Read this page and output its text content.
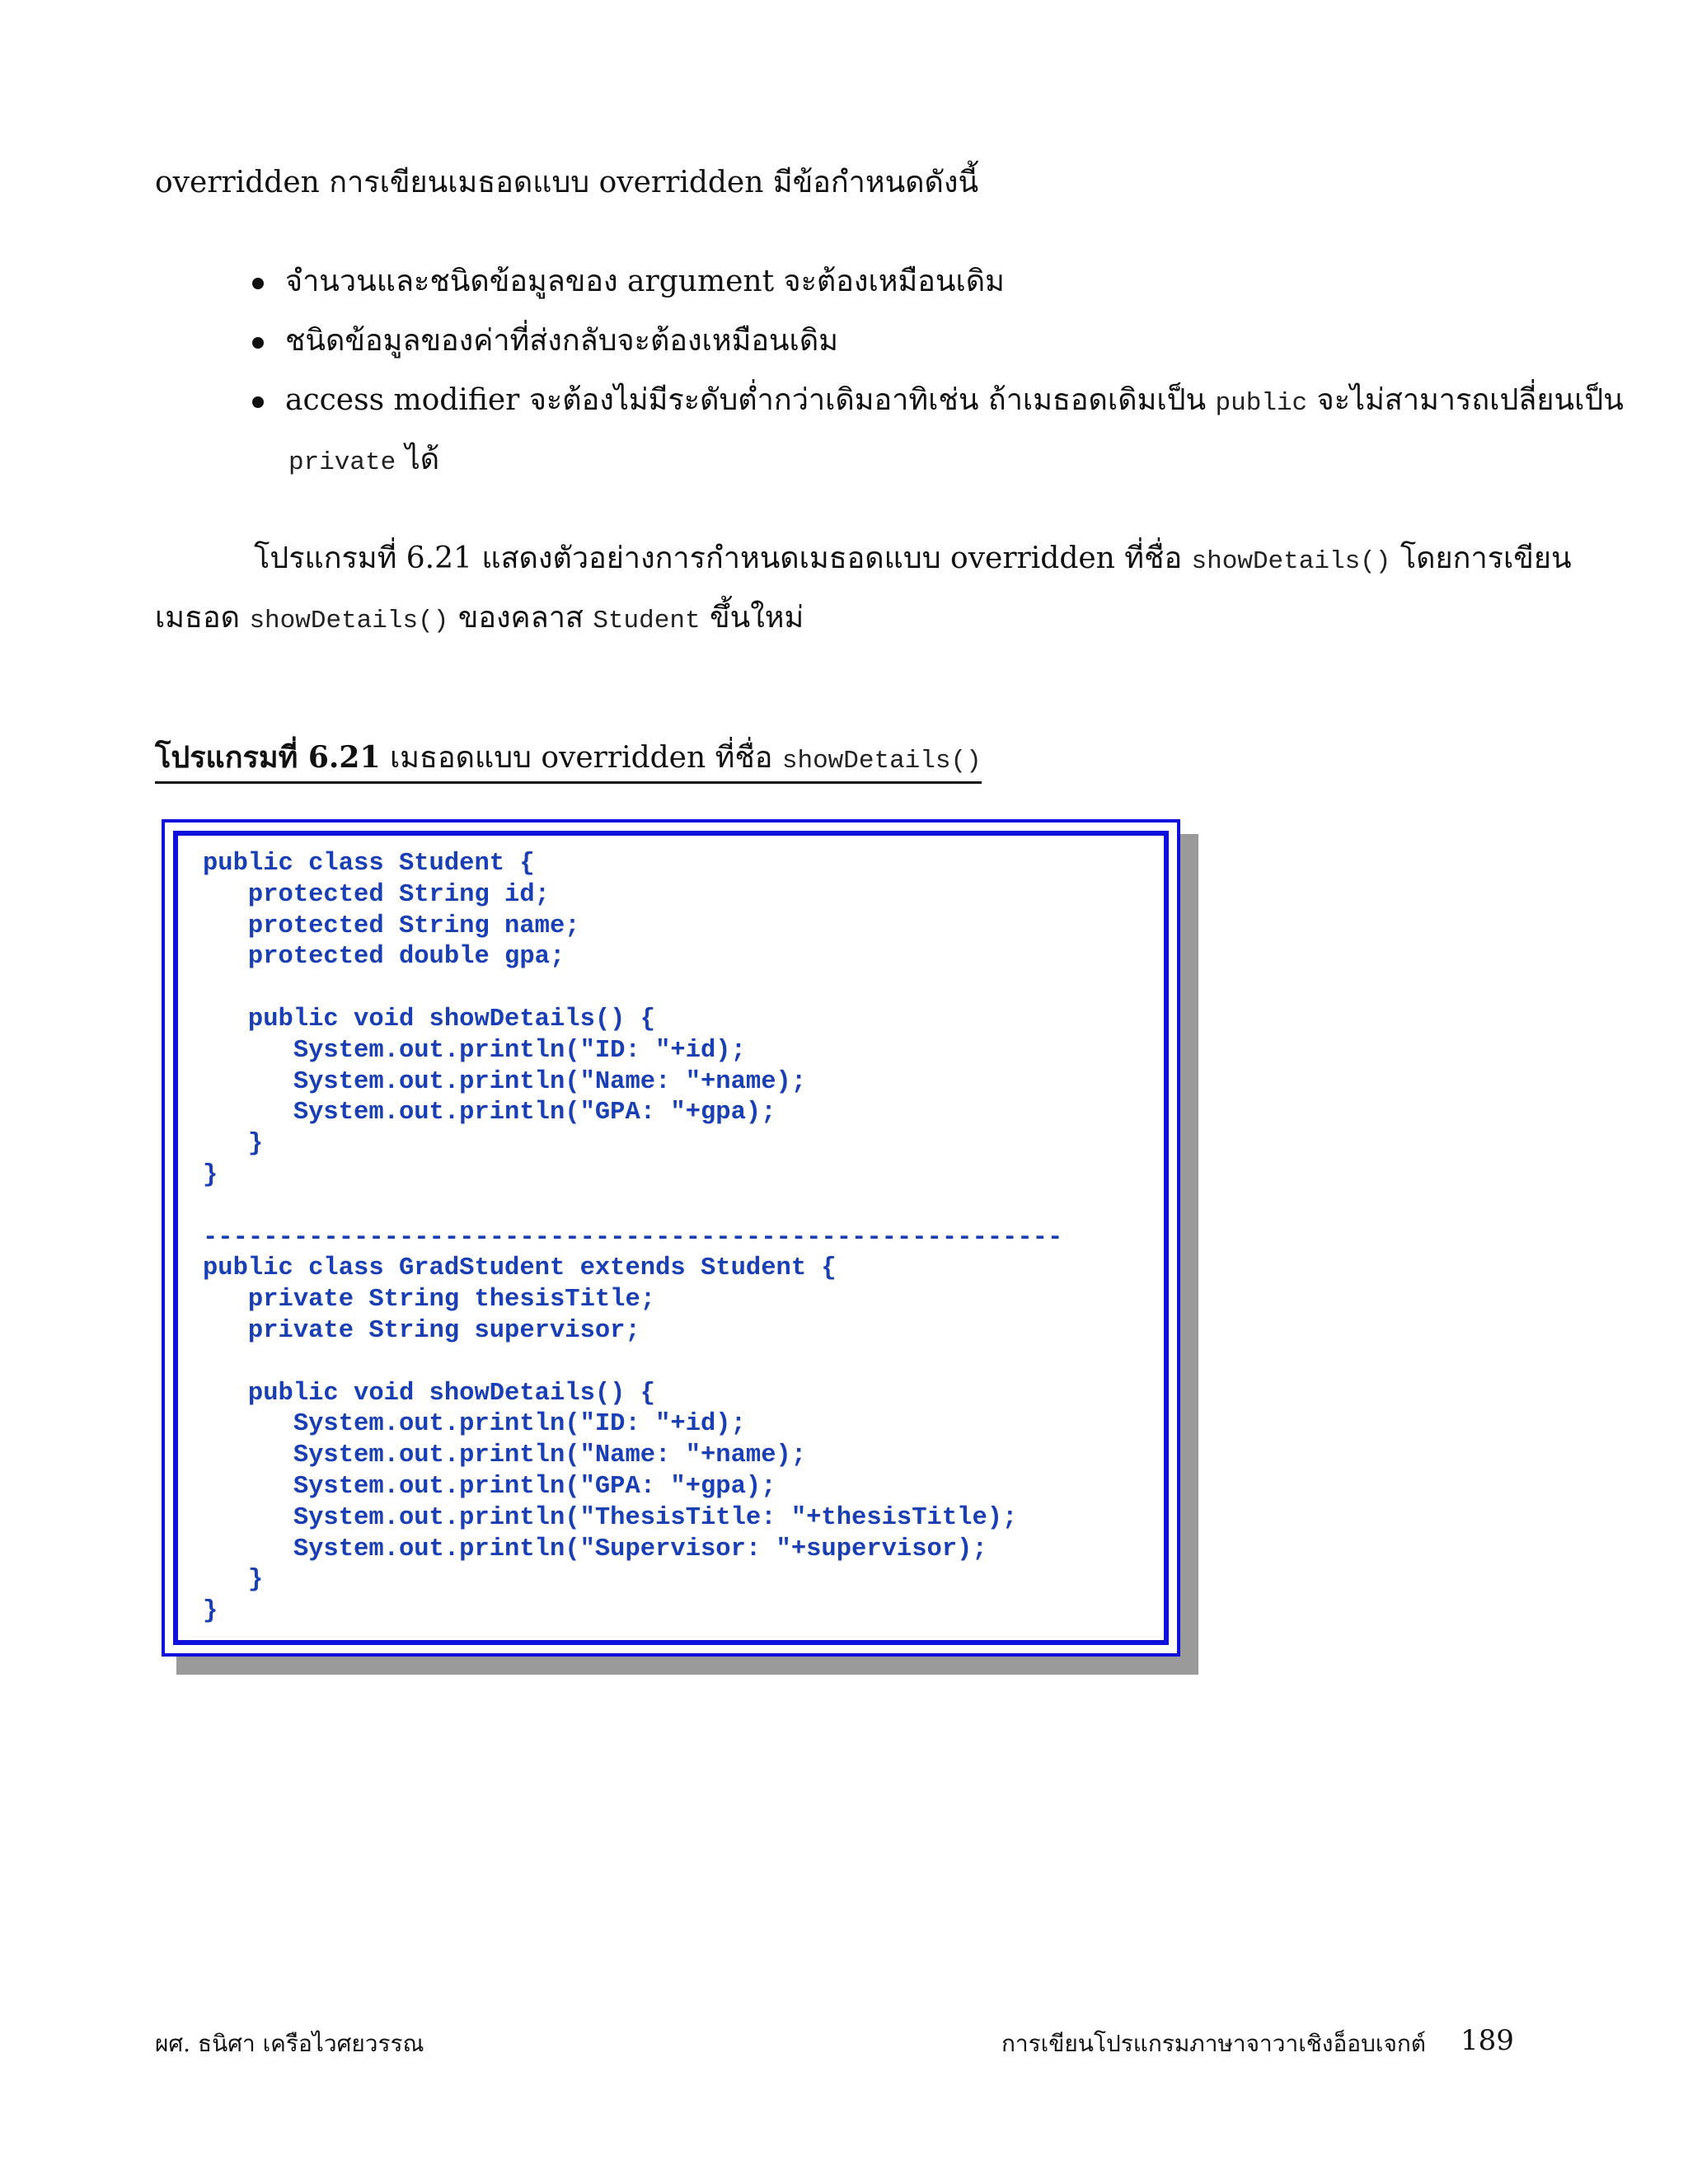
overridden การเขียนเมธอดแบบ overridden มีข้อกำหนดดังนี้
จำนวนและชนิดข้อมูลของ argument จะต้องเหมือนเดิม
ชนิดข้อมูลของค่าที่ส่งกลับจะต้องเหมือนเดิม
access modifier จะต้องไม่มีระดับต่ำกว่าเดิมอาทิเช่น ถ้าเมธอดเดิมเป็น public จะไม่สามารถเปลี่ยนเป็น
private ได้
โปรแกรมที่ 6.21 แสดงตัวอย่างการกำหนดเมธอดแบบ overridden ที่ชื่อ showDetails() โดยการเขียน
เมธอด showDetails() ของคลาส Student ขึ้นใหม่
โปรแกรมที่ 6.21 เมธอดแบบ overridden ที่ชื่อ showDetails()
public class Student {
protected String id;
protected String name;
protected double gpa;
public void showDetails() {
System.out.println("ID: "+id);
System.out.println("Name: "+name);
System.out.println("GPA: "+gpa);
}
}
---------------------------------------------------------
public class GradStudent extends Student {
private String thesisTitle;
private String supervisor;
public void showDetails() {
System.out.println("ID: "+id);
System.out.println("Name: "+name);
System.out.println("GPA: "+gpa);
System.out.println("ThesisTitle: "+thesisTitle);
System.out.println("Supervisor: "+supervisor);
}
}
ผศ. ธนิศา เครือไวศยวรรณ	การเขียนโปรแกรมภาษาจาวาเชิงอ็อบเจกต์ 189
